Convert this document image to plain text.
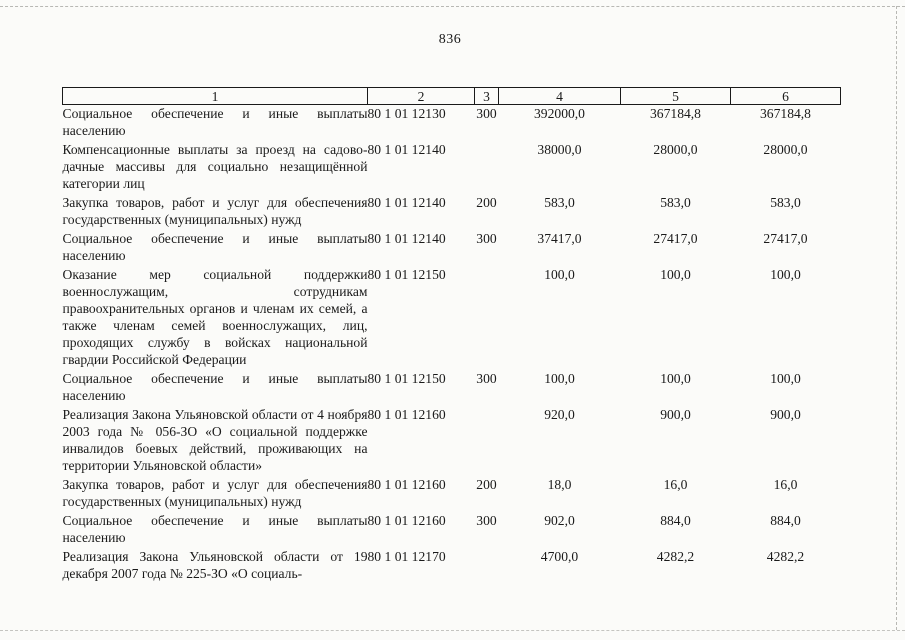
836
1	2	3	4	5	6
Социальное обеспечение и иные выплаты населению	80 1 01 12130	300	392000,0	367184,8	367184,8
Компенсационные выплаты за проезд на садово-дачные массивы для социально незащищённой категории лиц	80 1 01 12140		38000,0	28000,0	28000,0
Закупка товаров, работ и услуг для обеспечения государственных (муниципальных) нужд	80 1 01 12140	200	583,0	583,0	583,0
Социальное обеспечение и иные выплаты населению	80 1 01 12140	300	37417,0	27417,0	27417,0
Оказание мер социальной поддержки военнослужащим, сотрудникам правоохранительных органов и членам их семей, а также членам семей военнослужащих, лиц, проходящих службу в войсках национальной гвардии Российской Федерации	80 1 01 12150		100,0	100,0	100,0
Социальное обеспечение и иные выплаты населению	80 1 01 12150	300	100,0	100,0	100,0
Реализация Закона Ульяновской области от 4 ноября 2003 года № 056-ЗО «О социальной поддержке инвалидов боевых действий, проживающих на территории Ульяновской области»	80 1 01 12160		920,0	900,0	900,0
Закупка товаров, работ и услуг для обеспечения государственных (муниципальных) нужд	80 1 01 12160	200	18,0	16,0	16,0
Социальное обеспечение и иные выплаты населению	80 1 01 12160	300	902,0	884,0	884,0
Реализация Закона Ульяновской области от 19 декабря 2007 года № 225-ЗО «О социаль-	80 1 01 12170		4700,0	4282,2	4282,2
